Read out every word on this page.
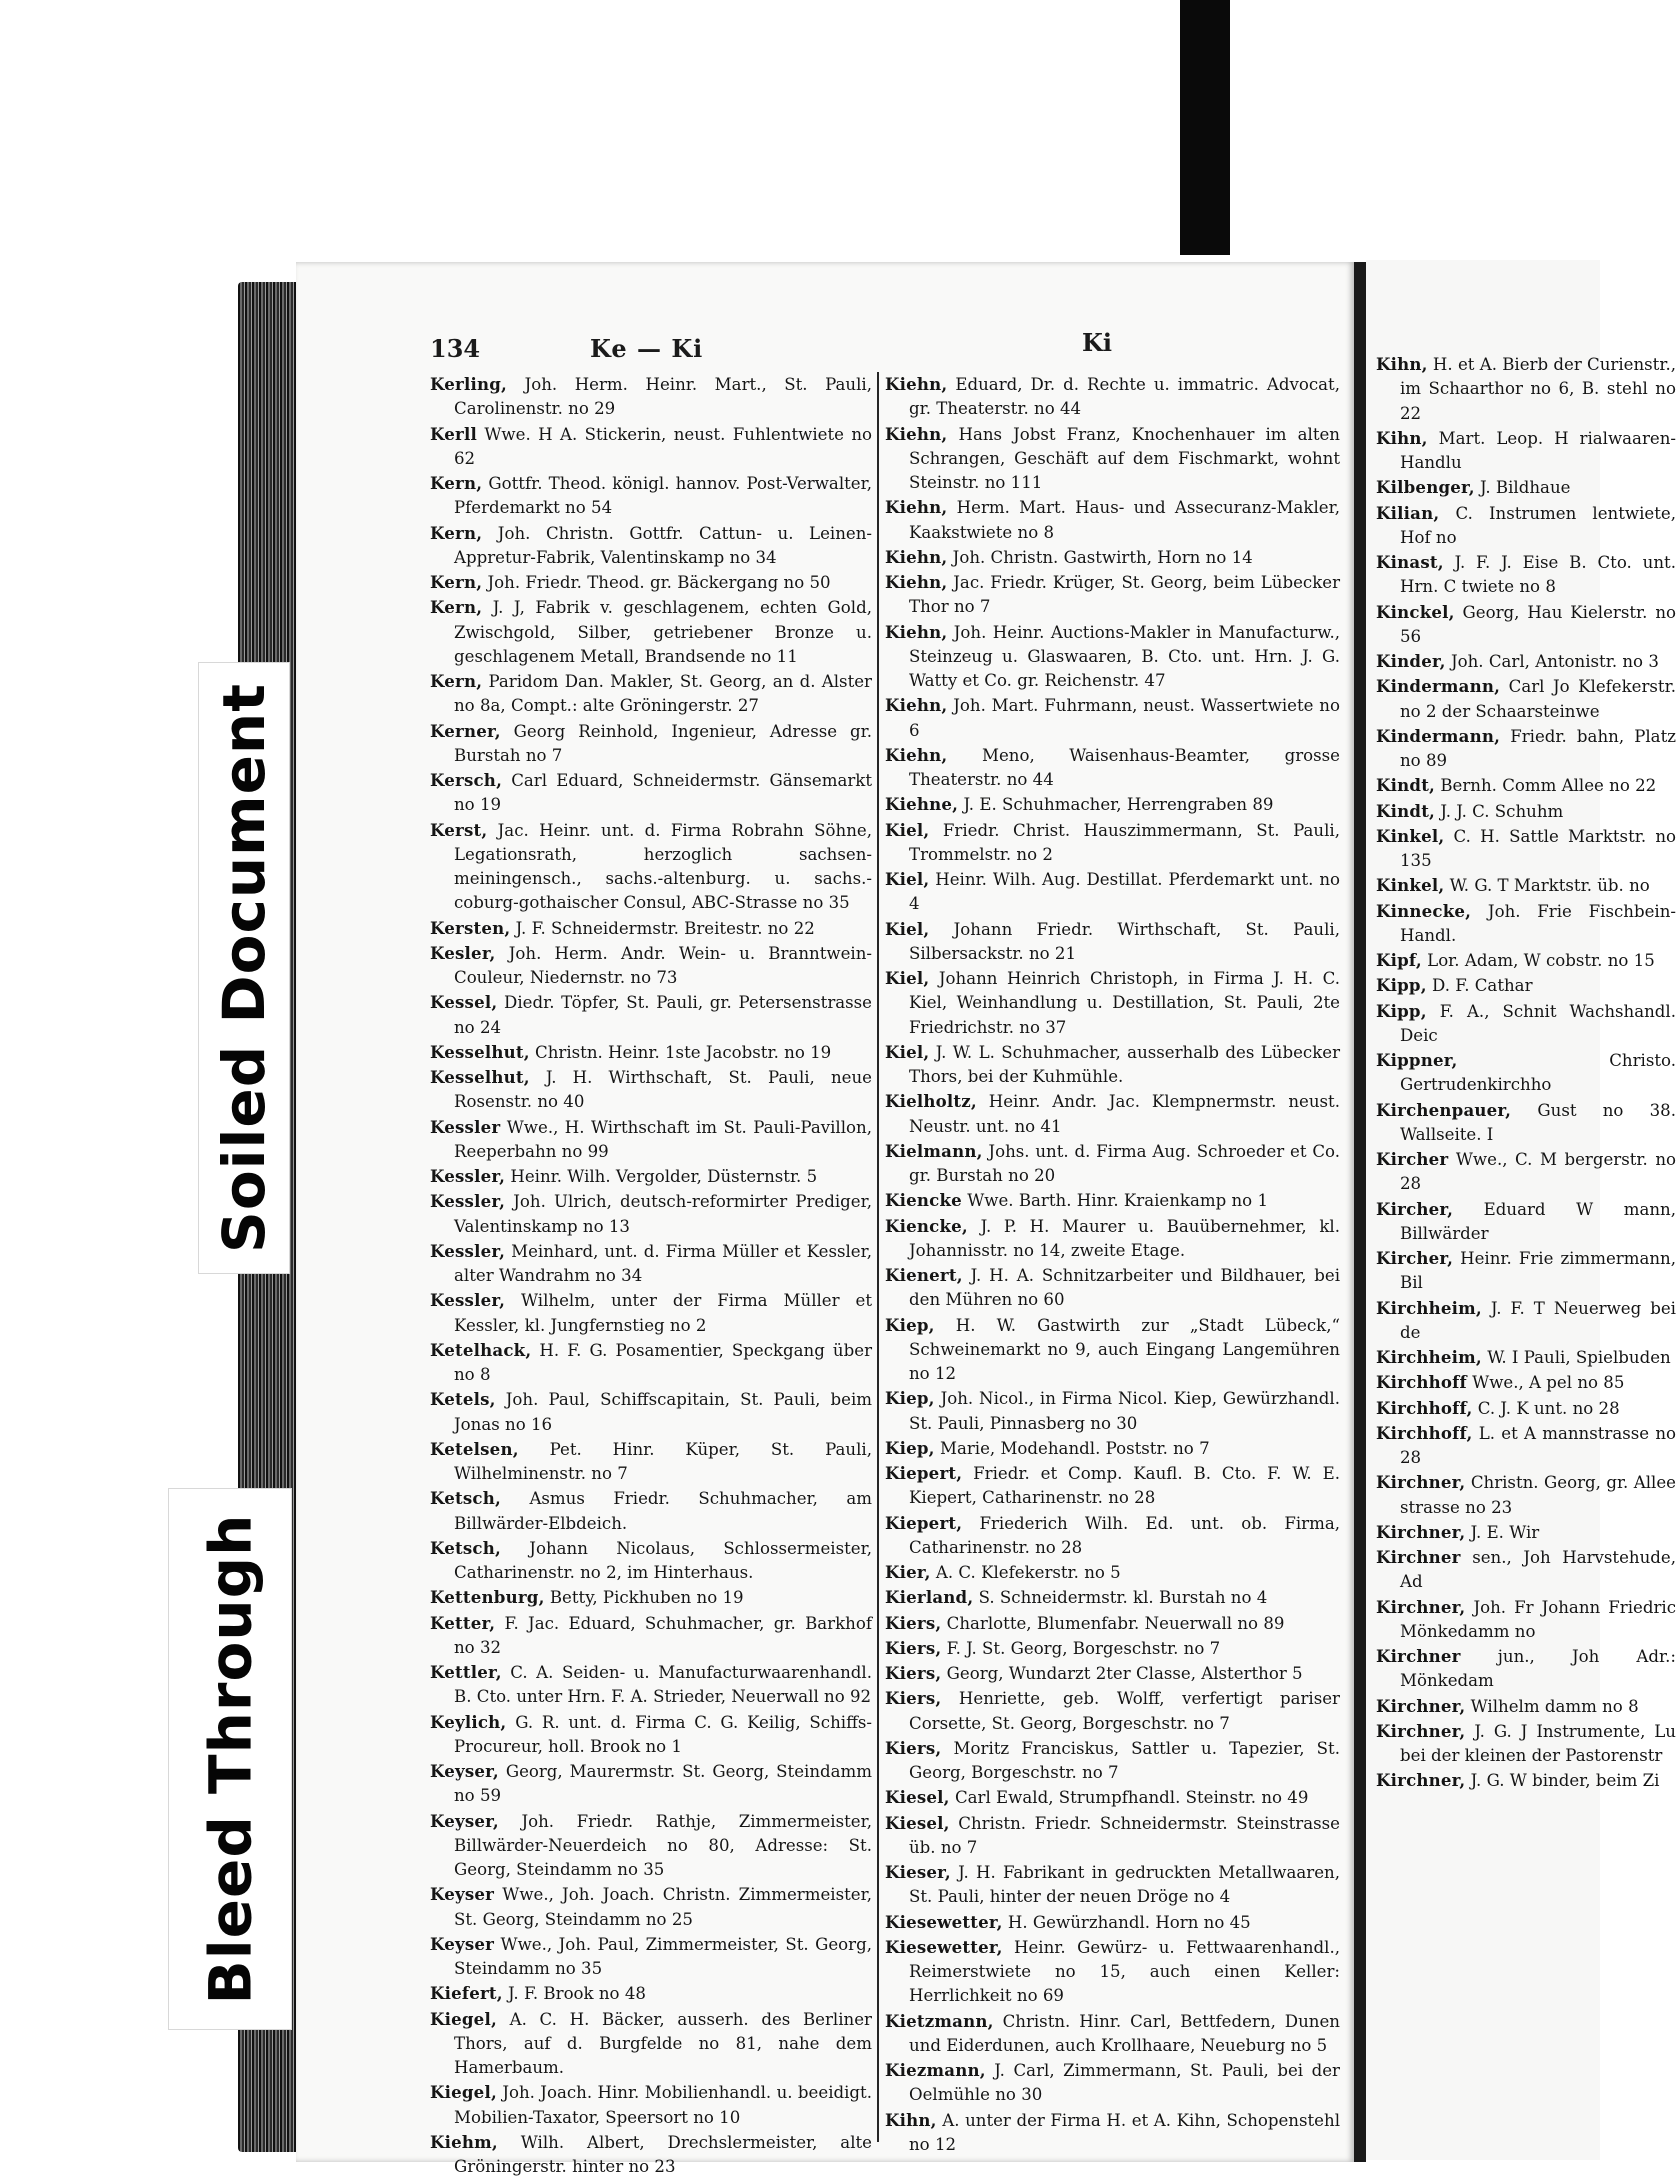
Kihn, H. et A. Bierb der Curienstr., im Schaarthor no 6, B. stehl no 22

Kihn, Mart. Leop. H rialwaaren-Handlu

Kilbenger, J. Bildhaue

Kilian, C. Instrumen lentwiete, Hof no

Kinast, J. F. J. Eise B. Cto. unt. Hrn. C twiete no 8

Kinckel, Georg, Hau Kielerstr. no 56

Kinder, Joh. Carl, Antonistr. no 3

Kindermann, Carl Jo Klefekerstr. no 2 der Schaarsteinwe

Kindermann, Friedr. bahn, Platz no 89

Kindt, Bernh. Comm Allee no 22

Kindt, J. J. C. Schuhm

Kinkel, C. H. Sattle Marktstr. no 135

Kinkel, W. G. T Marktstr. üb. no

Kinnecke, Joh. Frie Fischbein-Handl.

Kipf, Lor. Adam, W cobstr. no 15

Kipp, D. F. Cathar

Kipp, F. A., Schnit Wachshandl. Deic

Kippner,	Christo. Gertrudenkirchho

Kirchenpauer, Gust no 38. Wallseite. I

Kircher Wwe., C. M bergerstr. no 28

Kircher, Eduard W mann, Billwärder

Kircher, Heinr. Frie zimmermann, Bil

Kirchheim, J. F. T Neuerweg bei de

Kirchheim, W. I Pauli, Spielbuden

Kirchhoff Wwe., A pel no 85

Kirchhoff, C. J. K unt. no 28

Kirchhoff, L. et A mannstrasse no 28

Kirchner, Christn. Georg, gr. Allee strasse no 23

Kirchner, J. E. Wir

Kirchner sen., Joh Harvstehude, Ad

Kirchner, Joh. Fr Johann Friedric Mönkedamm no

Kirchner jun., Joh Adr.: Mönkedam

Kirchner, Wilhelm damm no 8

Kirchner, J. G. J Instrumente, Lu bei der kleinen der Pastorenstr

Kirchner, J. G. W binder, beim Zi

Soiled Document
Bleed Through
134	Ke — Ki	Ki

Kerling, Joh. Herm. Heinr. Mart., St. Pauli, Carolinenstr. no 29

Kerll Wwe. H A. Stickerin, neust. Fuhlentwiete no 62

Kern, Gottfr. Theod. königl. hannov. Post-Verwalter, Pferdemarkt no 54

Kern, Joh. Christn. Gottfr. Cattun- u. Leinen-Appretur-Fabrik, Valentinskamp no 34

Kern, Joh. Friedr. Theod. gr. Bäckergang no 50

Kern, J. J, Fabrik v. geschlagenem, echten Gold, Zwischgold, Silber, getriebener Bronze u. geschlagenem Metall, Brandsende no 11

Kern, Paridom Dan. Makler, St. Georg, an d. Alster no 8a, Compt.: alte Gröningerstr. 27

Kerner, Georg Reinhold, Ingenieur, Adresse gr. Burstah no 7

Kersch, Carl Eduard, Schneidermstr. Gänsemarkt no 19

Kerst, Jac. Heinr. unt. d. Firma Robrahn Söhne, Legationsrath, herzoglich sachsen-meiningensch., sachs.-altenburg. u. sachs.-coburg-gothaischer Consul, ABC-Strasse no 35

Kersten, J. F. Schneidermstr. Breitestr. no 22

Kesler, Joh. Herm. Andr. Wein- u. Branntwein-Couleur, Niedernstr. no 73

Kessel, Diedr. Töpfer, St. Pauli, gr. Petersenstrasse no 24

Kesselhut, Christn. Heinr. 1ste Jacobstr. no 19

Kesselhut, J. H. Wirthschaft, St. Pauli, neue Rosenstr. no 40

Kessler Wwe., H. Wirthschaft im St. Pauli-Pavillon, Reeperbahn no 99

Kessler, Heinr. Wilh. Vergolder, Düsternstr. 5

Kessler, Joh. Ulrich, deutsch-reformirter Prediger, Valentinskamp no 13

Kessler, Meinhard, unt. d. Firma Müller et Kessler, alter Wandrahm no 34

Kessler, Wilhelm, unter der Firma Müller et Kessler, kl. Jungfernstieg no 2

Ketelhack, H. F. G. Posamentier, Speckgang über no 8

Ketels, Joh. Paul, Schiffscapitain, St. Pauli, beim Jonas no 16

Ketelsen, Pet. Hinr. Küper, St. Pauli, Wilhelminenstr. no 7

Ketsch, Asmus Friedr. Schuhmacher, am Billwärder-Elbdeich.

Ketsch, Johann Nicolaus, Schlossermeister, Catharinenstr. no 2, im Hinterhaus.

Kettenburg, Betty, Pickhuben no 19

Ketter, F. Jac. Eduard, Schuhmacher, gr. Barkhof no 32

Kettler, C. A. Seiden- u. Manufacturwaarenhandl. B. Cto. unter Hrn. F. A. Strieder, Neuerwall no 92

Keylich, G. R. unt. d. Firma C. G. Keilig, Schiffs-Procureur, holl. Brook no 1

Keyser, Georg, Maurermstr. St. Georg, Steindamm no 59

Keyser, Joh. Friedr. Rathje, Zimmermeister, Billwärder-Neuerdeich no 80, Adresse: St. Georg, Steindamm no 35

Keyser Wwe., Joh. Joach. Christn. Zimmermeister, St. Georg, Steindamm no 25

Keyser Wwe., Joh. Paul, Zimmermeister, St. Georg, Steindamm no 35

Kiefert, J. F. Brook no 48

Kiegel, A. C. H. Bäcker, ausserh. des Berliner Thors, auf d. Burgfelde no 81, nahe dem Hamerbaum.

Kiegel, Joh. Joach. Hinr. Mobilienhandl. u. beeidigt. Mobilien-Taxator, Speersort no 10

Kiehm, Wilh. Albert, Drechslermeister, alte Gröningerstr. hinter no 23

Kiehn, Eduard, Dr. d. Rechte u. immatric. Advocat, gr. Theaterstr. no 44

Kiehn, Hans Jobst Franz, Knochenhauer im alten Schrangen, Geschäft auf dem Fischmarkt, wohnt Steinstr. no 111

Kiehn, Herm. Mart. Haus- und Assecuranz-Makler, Kaakstwiete no 8

Kiehn, Joh. Christn. Gastwirth, Horn no 14

Kiehn, Jac. Friedr. Krüger, St. Georg, beim Lübecker Thor no 7

Kiehn, Joh. Heinr. Auctions-Makler in Manufacturw., Steinzeug u. Glaswaaren, B. Cto. unt. Hrn. J. G. Watty et Co. gr. Reichenstr. 47

Kiehn, Joh. Mart. Fuhrmann, neust. Wassertwiete no 6

Kiehn, Meno, Waisenhaus-Beamter, grosse Theaterstr. no 44

Kiehne, J. E. Schuhmacher, Herrengraben 89

Kiel, Friedr. Christ. Hauszimmermann, St. Pauli, Trommelstr. no 2

Kiel, Heinr. Wilh. Aug. Destillat. Pferdemarkt unt. no 4

Kiel, Johann Friedr. Wirthschaft, St. Pauli, Silbersackstr. no 21

Kiel, Johann Heinrich Christoph, in Firma J. H. C. Kiel, Weinhandlung u. Destillation, St. Pauli, 2te Friedrichstr. no 37

Kiel, J. W. L. Schuhmacher, ausserhalb des Lübecker Thors, bei der Kuhmühle.

Kielholtz, Heinr. Andr. Jac. Klempnermstr. neust. Neustr. unt. no 41

Kielmann, Johs. unt. d. Firma Aug. Schroeder et Co. gr. Burstah no 20

Kiencke Wwe. Barth. Hinr. Kraienkamp no 1

Kiencke, J. P. H. Maurer u. Bauübernehmer, kl. Johannisstr. no 14, zweite Etage.

Kienert, J. H. A. Schnitzarbeiter und Bildhauer, bei den Mühren no 60

Kiep, H. W. Gastwirth zur „Stadt Lübeck,“ Schweinemarkt no 9, auch Eingang Langemühren no 12

Kiep, Joh. Nicol., in Firma Nicol. Kiep, Gewürzhandl. St. Pauli, Pinnasberg no 30

Kiep, Marie, Modehandl. Poststr. no 7

Kiepert, Friedr. et Comp. Kaufl. B. Cto. F. W. E. Kiepert, Catharinenstr. no 28

Kiepert, Friederich Wilh. Ed. unt. ob. Firma, Catharinenstr. no 28

Kier, A. C. Klefekerstr. no 5

Kierland, S. Schneidermstr. kl. Burstah no 4

Kiers, Charlotte, Blumenfabr. Neuerwall no 89

Kiers, F. J. St. Georg, Borgeschstr. no 7

Kiers, Georg, Wundarzt 2ter Classe, Alsterthor 5

Kiers, Henriette, geb. Wolff, verfertigt pariser Corsette, St. Georg, Borgeschstr. no 7

Kiers, Moritz Franciskus, Sattler u. Tapezier, St. Georg, Borgeschstr. no 7

Kiesel, Carl Ewald, Strumpfhandl. Steinstr. no 49

Kiesel, Christn. Friedr. Schneidermstr. Steinstrasse üb. no 7

Kieser, J. H. Fabrikant in gedruckten Metallwaaren, St. Pauli, hinter der neuen Dröge no 4

Kiesewetter, H. Gewürzhandl. Horn no 45

Kiesewetter, Heinr. Gewürz- u. Fettwaarenhandl., Reimerstwiete no 15, auch einen Keller: Herrlichkeit no 69

Kietzmann, Christn. Hinr. Carl, Bettfedern, Dunen und Eiderdunen, auch Krollhaare, Neueburg no 5

Kiezmann, J. Carl, Zimmermann, St. Pauli, bei der Oelmühle no 30

Kihn, A. unter der Firma H. et A. Kihn, Schopenstehl no 12
